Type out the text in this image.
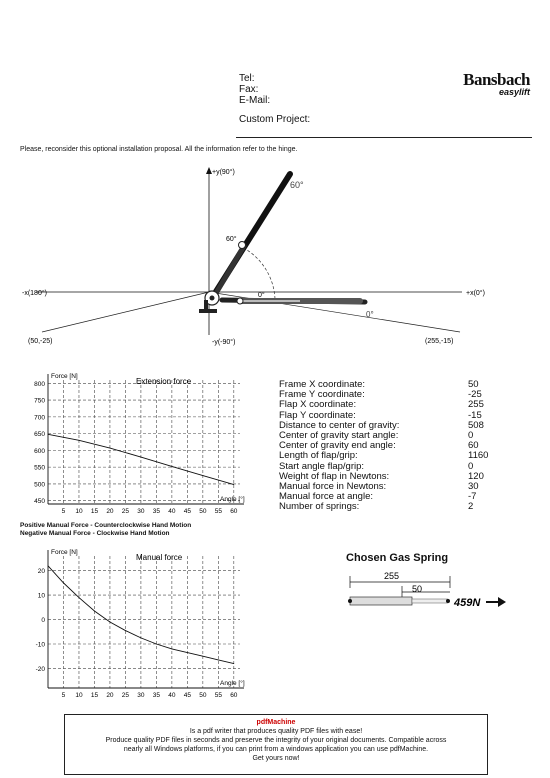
Tel:
Fax:
E-Mail:
Custom Project:
Bansbach
easylift
Please, reconsider this optional installation proposal. All the information refer to the hinge.
+y(90°)
-y(-90°)
+x(0°)
-x(180°)
60°
60°
0°
0°
(50,-25)	(255,-15)
5 10 15 20 25 30 35 40 45 50 55 60
450
500
550
600
650
700
750
800
Force [N]
Angle [°]
Extension force	Frame X coordinate:	50
Frame Y coordinate:	-25
Flap X coordinate:	255
Flap Y coordinate:	-15
Distance to center of gravity:	508
Center of gravity start angle:	0
Center of gravity end angle:	60
Length of flap/grip:	1160
Start angle flap/grip:	0
Weight of flap in Newtons:	120
Manual force in Newtons:	30
Manual force at angle:	-7
Number of springs:	2
Positive Manual Force - Counterclockwise Hand Motion
Negative Manual Force - Clockwise Hand Motion
5 10 15 20 25 30 35 40 45 50 55 60
-20
-10
0
10
20
Force [N]
Angle [°]
Manual force	Chosen Gas Spring
255
50
459N
pdfMachine
Is a pdf writer that produces quality PDF files with ease!
Produce quality PDF files in seconds and preserve the integrity of your original documents. Compatible across
nearly all Windows platforms, if you can print from a windows application you can use pdfMachine.
Get yours now!
